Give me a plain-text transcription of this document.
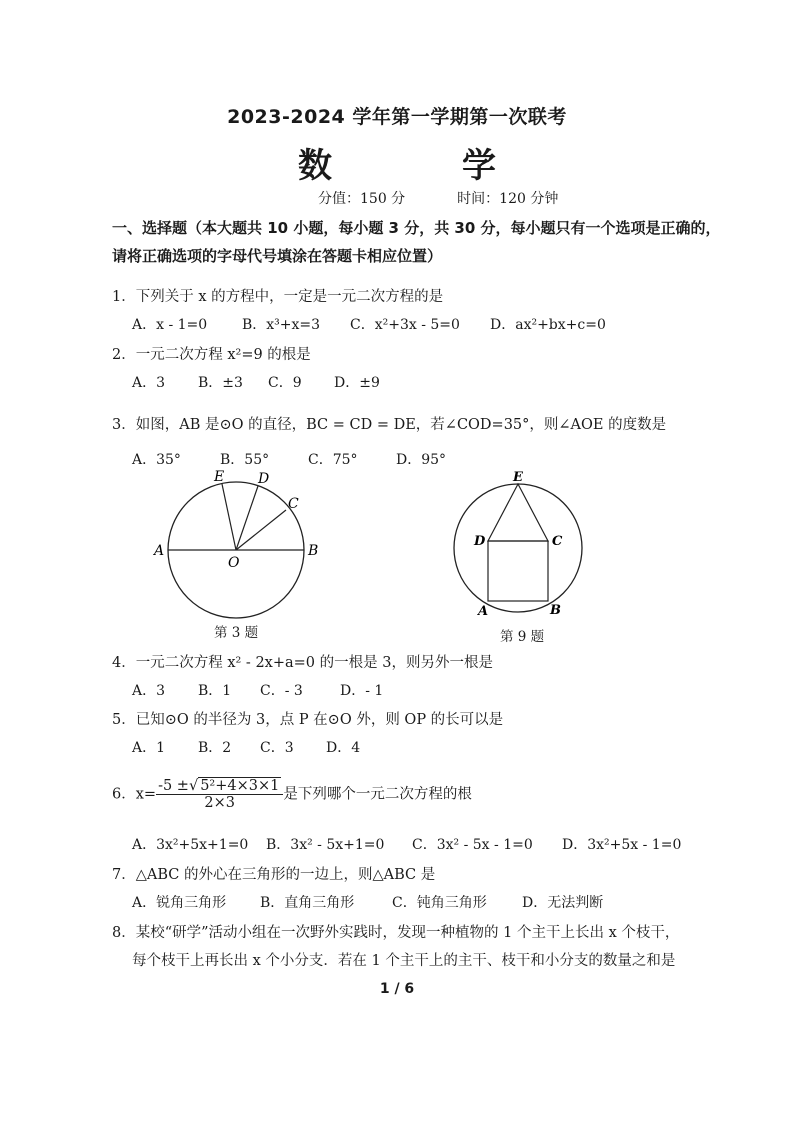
2023-2024 学年第一学期第一次联考
数　学
分值：150 分	时间：120 分钟
一、选择题（本大题共 10 小题，每小题 3 分，共 30 分，每小题只有一个选项是正确的，请将正确选项的字母代号填涂在答题卡相应位置）
1．下列关于 x 的方程中，一定是一元二次方程的是
A．x - 1=0 B．x³+x=3 C．x²+3x - 5=0 D．ax²+bx+c=0
2．一元二次方程 x²=9 的根是
A．3 B．±3 C．9 D．±9
3．如图，AB 是⊙O 的直径，BC = CD = DE，若∠COD=35°，则∠AOE 的度数是
A．35°	B．55°	C．75°	D．95°
A	B
C
D
E
O
第 3 题
E
D	C
A	B
第 9 题
4．一元二次方程 x² - 2x+a=0 的一根是 3，则另外一根是
A．3 B．1 C．- 3	D．- 1
5．已知⊙O 的半径为 3，点 P 在⊙O 外，则 OP 的长可以是
A．1 B．2 C．3 D．4
6．$x= \frac{\text{-5 ±√ 5²+4×3×1}}{2\times 3}$ 是下列哪个一元二次方程的根
A．3x²+5x+1=0 B．3x² - 5x+1=0 C．3x² - 5x - 1=0 D．3x²+5x - 1=0
7．△ABC 的外心在三角形的一边上，则△ABC 是
A．锐角三角形 B．直角三角形	C．钝角三角形	D．无法判断
8．某校“研学”活动小组在一次野外实践时，发现一种植物的 1 个主干上长出 x 个枝干，
每个枝干上再长出 x 个小分支．若在 1 个主干上的主干、枝干和小分支的数量之和是
1 / 6
